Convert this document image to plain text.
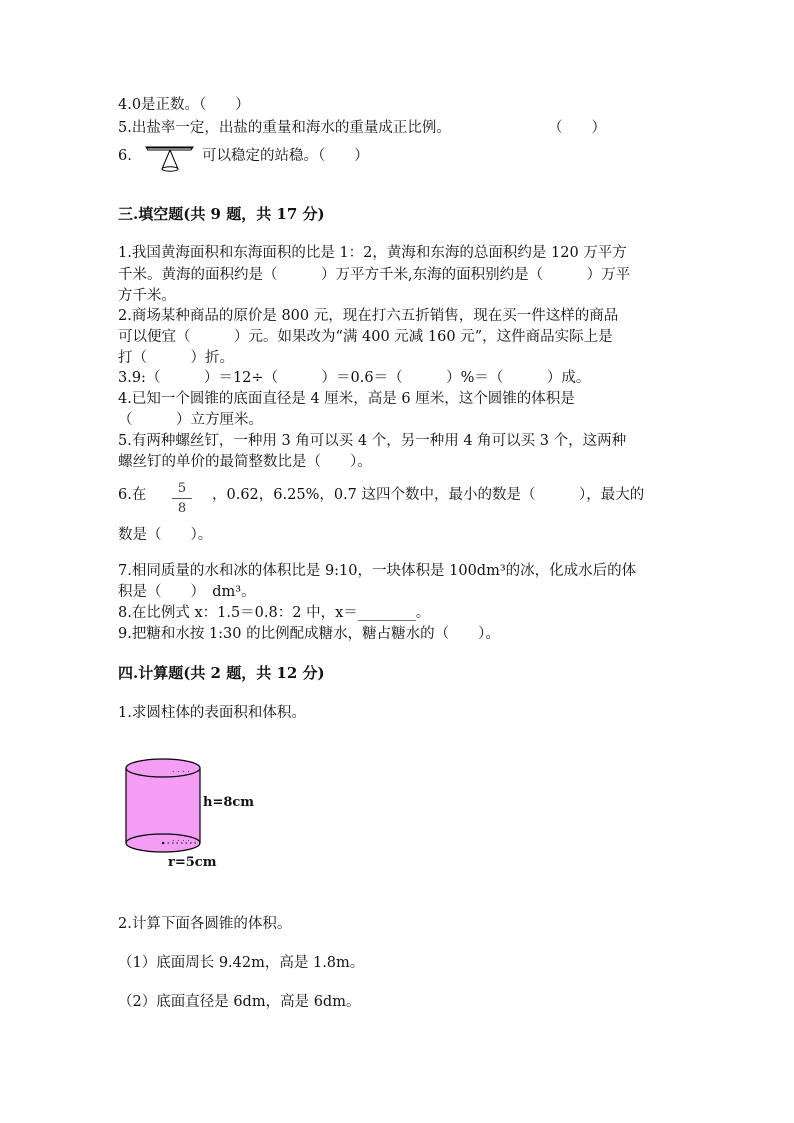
4.0是正数。（　　）
5.出盐率一定，出盐的重量和海水的重量成正比例。	（　　）
6.	可以稳定的站稳。（　　）
三.填空题(共 9 题，共 17 分)
1.我国黄海面积和东海面积的比是 1：2，黄海和东海的总面积约是 120 万平方
千米。黄海的面积约是（　　　）万平方千米,东海的面积别约是（　　　）万平
方千米。
2.商场某种商品的原价是 800 元，现在打六五折销售，现在买一件这样的商品
可以便宜（　　　）元。如果改为“满 400 元减 160 元”，这件商品实际上是
打（　　　）折。
3.9:（　　　）＝12÷（　　　）＝0.6＝（　　　）%＝（　　　）成。
4.已知一个圆锥的底面直径是 4 厘米，高是 6 厘米，这个圆锥的体积是
（　　　）立方厘米。
5.有两种螺丝钉，一种用 3 角可以买 4 个，另一种用 4 角可以买 3 个，这两种
螺丝钉的单价的最简整数比是（　　）。
6.在	5
8
，0.62，6.25%，0.7 这四个数中，最小的数是（　　　），最大的
数是（　　）。
7.相同质量的水和冰的体积比是 9:10，一块体积是 100dm³的冰，化成水后的体
积是（　　）　dm³。
8.在比例式 x：1.5＝0.8：2 中，x＝________。
9.把糖和水按 1:30 的比例配成糖水，糖占糖水的（　　）。
四.计算题(共 2 题，共 12 分)
1.求圆柱体的表面积和体积。
. . . .
. . . .
h=8cm
r=5cm
2.计算下面各圆锥的体积。
（1）底面周长 9.42m，高是 1.8m。
（2）底面直径是 6dm，高是 6dm。
